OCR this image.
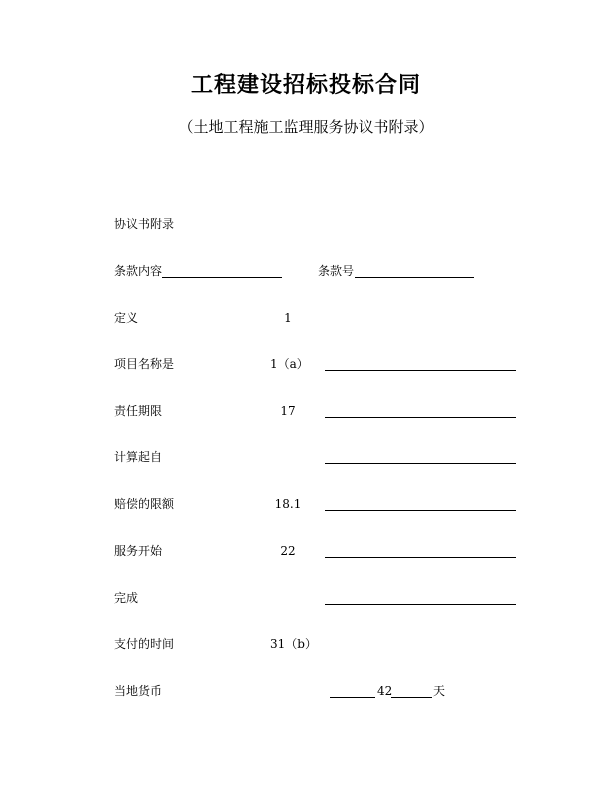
工程建设招标投标合同
（土地工程施工监理服务协议书附录）
协议书附录
条款内容	条款号
定义	1
项目名称是	1（a）
责任期限	17
计算起自
赔偿的限额	18.1
服务开始	22
完成
支付的时间	31（b）
当地货币	42	天
